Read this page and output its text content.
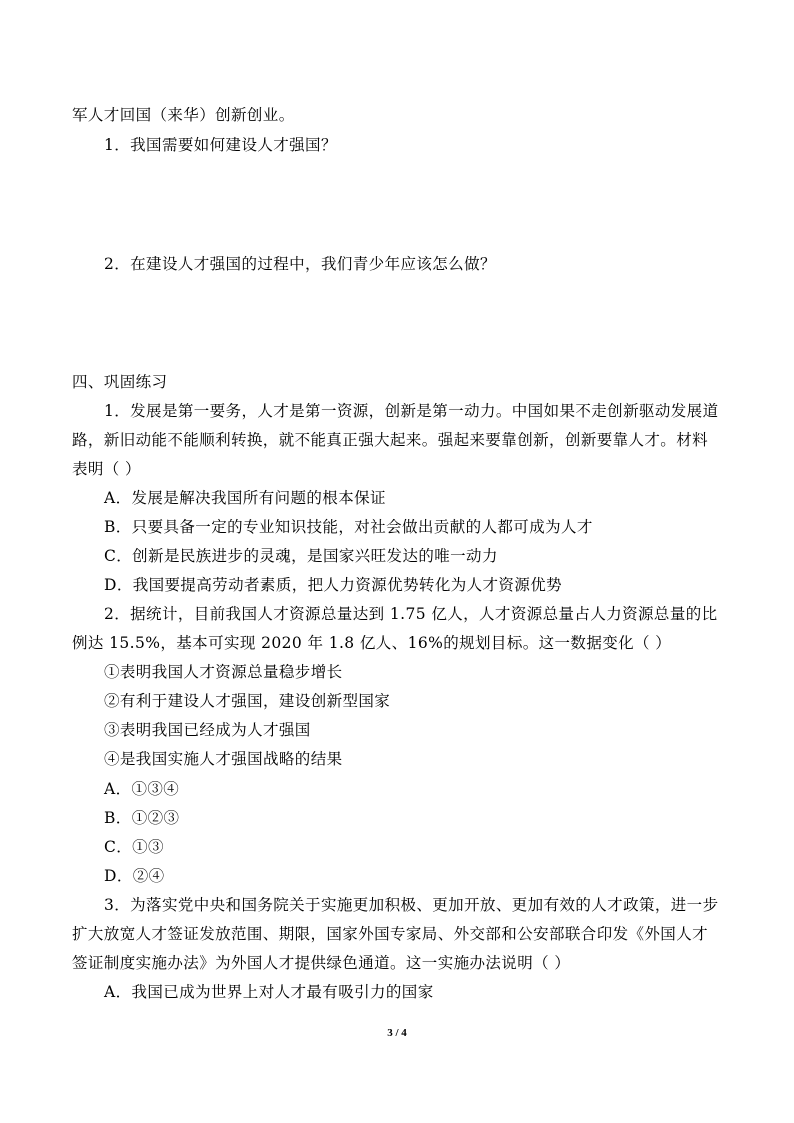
军人才回国（来华）创新创业。
1．我国需要如何建设人才强国？
2．在建设人才强国的过程中，我们青少年应该怎么做？
四、巩固练习
1．发展是第一要务，人才是第一资源，创新是第一动力。中国如果不走创新驱动发展道
路，新旧动能不能顺利转换，就不能真正强大起来。强起来要靠创新，创新要靠人才。材料
表明（ ）
A．发展是解决我国所有问题的根本保证
B．只要具备一定的专业知识技能，对社会做出贡献的人都可成为人才
C．创新是民族进步的灵魂，是国家兴旺发达的唯一动力
D．我国要提高劳动者素质，把人力资源优势转化为人才资源优势
2．据统计，目前我国人才资源总量达到 1.75 亿人，人才资源总量占人力资源总量的比
例达 15.5%，基本可实现 2020 年 1.8 亿人、16%的规划目标。这一数据变化（ ）
①表明我国人才资源总量稳步增长
②有利于建设人才强国，建设创新型国家
③表明我国已经成为人才强国
④是我国实施人才强国战略的结果
A．①③④
B．①②③
C．①③
D．②④
3．为落实党中央和国务院关于实施更加积极、更加开放、更加有效的人才政策，进一步
扩大放宽人才签证发放范围、期限，国家外国专家局、外交部和公安部联合印发《外国人才
签证制度实施办法》为外国人才提供绿色通道。这一实施办法说明（ ）
A．我国已成为世界上对人才最有吸引力的国家
3 / 4
